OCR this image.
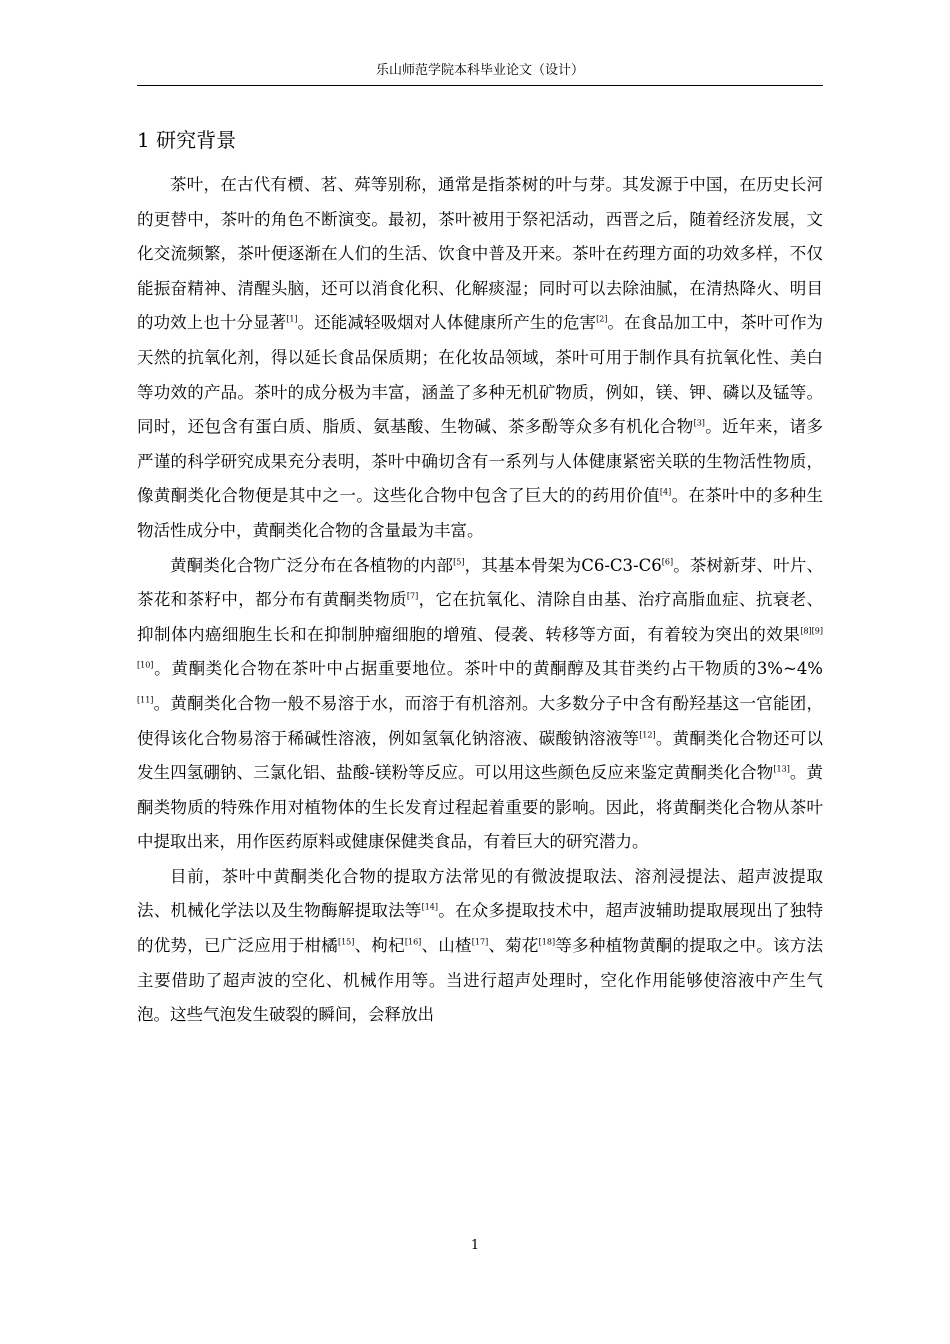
乐山师范学院本科毕业论文（设计）
1 研究背景

茶叶，在古代有槚、茗、荈等别称，通常是指茶树的叶与芽。其发源于中国，在历史长河的更替中，茶叶的角色不断演变。最初，茶叶被用于祭祀活动，西晋之后，随着经济发展，文化交流频繁，茶叶便逐渐在人们的生活、饮食中普及开来。茶叶在药理方面的功效多样，不仅能振奋精神、清醒头脑，还可以消食化积、化解痰湿；同时可以去除油腻，在清热降火、明目的功效上也十分显著[1]。还能减轻吸烟对人体健康所产生的危害[2]。在食品加工中，茶叶可作为天然的抗氧化剂，得以延长食品保质期；在化妆品领域，茶叶可用于制作具有抗氧化性、美白等功效的产品。茶叶的成分极为丰富，涵盖了多种无机矿物质，例如，镁、钾、磷以及锰等。同时，还包含有蛋白质、脂质、氨基酸、生物碱、茶多酚等众多有机化合物[3]。近年来，诸多严谨的科学研究成果充分表明，茶叶中确切含有一系列与人体健康紧密关联的生物活性物质，像黄酮类化合物便是其中之一。这些化合物中包含了巨大的的药用价值[4]。在茶叶中的多种生物活性成分中，黄酮类化合物的含量最为丰富。

黄酮类化合物广泛分布在各植物的内部[5]，其基本骨架为C6-C3-C6[6]。茶树新芽、叶片、茶花和茶籽中，都分布有黄酮类物质[7]，它在抗氧化、清除自由基、治疗高脂血症、抗衰老、抑制体内癌细胞生长和在抑制肿瘤细胞的增殖、侵袭、转移等方面，有着较为突出的效果[8][9][10]。黄酮类化合物在茶叶中占据重要地位。茶叶中的黄酮醇及其苷类约占干物质的3%~4%[11]。黄酮类化合物一般不易溶于水，而溶于有机溶剂。大多数分子中含有酚羟基这一官能团，使得该化合物易溶于稀碱性溶液，例如氢氧化钠溶液、碳酸钠溶液等[12]。黄酮类化合物还可以发生四氢硼钠、三氯化铝、盐酸-镁粉等反应。可以用这些颜色反应来鉴定黄酮类化合物[13]。黄酮类物质的特殊作用对植物体的生长发育过程起着重要的影响。因此，将黄酮类化合物从茶叶中提取出来，用作医药原料或健康保健类食品，有着巨大的研究潜力。

目前，茶叶中黄酮类化合物的提取方法常见的有微波提取法、溶剂浸提法、超声波提取法、机械化学法以及生物酶解提取法等[14]。在众多提取技术中，超声波辅助提取展现出了独特的优势，已广泛应用于柑橘[15]、枸杞[16]、山楂[17]、菊花[18]等多种植物黄酮的提取之中。该方法主要借助了超声波的空化、机械作用等。当进行超声处理时，空化作用能够使溶液中产生气泡。这些气泡发生破裂的瞬间，会释放出

1
